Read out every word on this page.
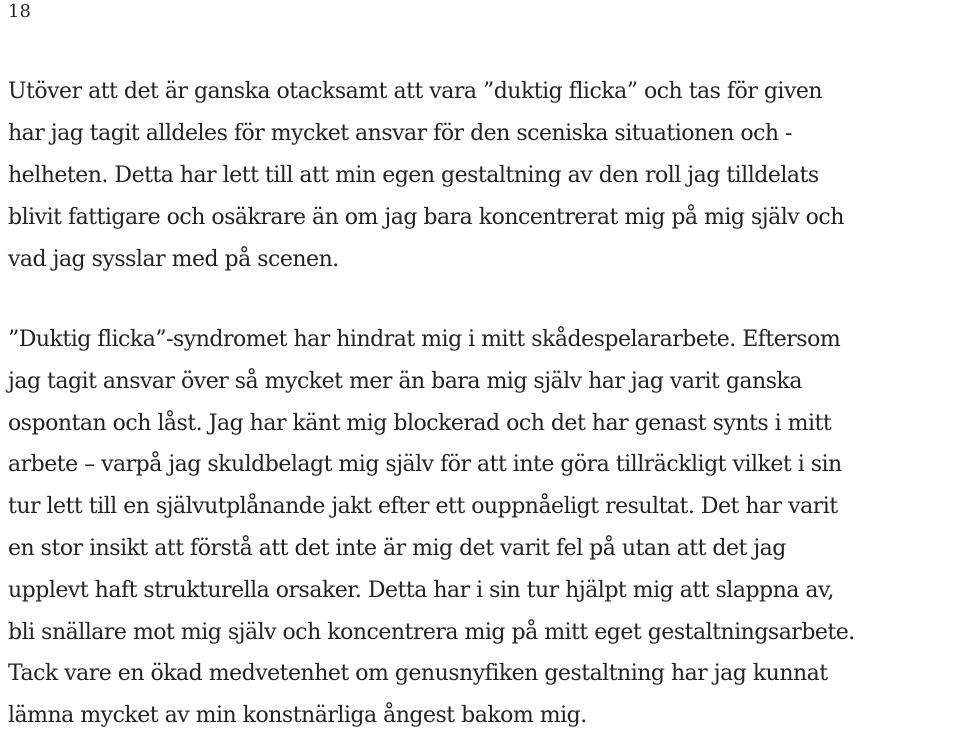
18

Utöver att det är ganska otacksamt att vara ”duktig flicka” och tas för given
har jag tagit alldeles för mycket ansvar för den sceniska situationen och -
helheten. Detta har lett till att min egen gestaltning av den roll jag tilldelats
blivit fattigare och osäkrare än om jag bara koncentrerat mig på mig själv och
vad jag sysslar med på scenen.

”Duktig flicka”-syndromet har hindrat mig i mitt skådespelararbete. Eftersom
jag tagit ansvar över så mycket mer än bara mig själv har jag varit ganska
ospontan och låst. Jag har känt mig blockerad och det har genast synts i mitt
arbete – varpå jag skuldbelagt mig själv för att inte göra tillräckligt vilket i sin
tur lett till en självutplånande jakt efter ett ouppnåeligt resultat. Det har varit
en stor insikt att förstå att det inte är mig det varit fel på utan att det jag
upplevt haft strukturella orsaker. Detta har i sin tur hjälpt mig att slappna av,
bli snällare mot mig själv och koncentrera mig på mitt eget gestaltningsarbete.
Tack vare en ökad medvetenhet om genusnyfiken gestaltning har jag kunnat
lämna mycket av min konstnärliga ångest bakom mig.
